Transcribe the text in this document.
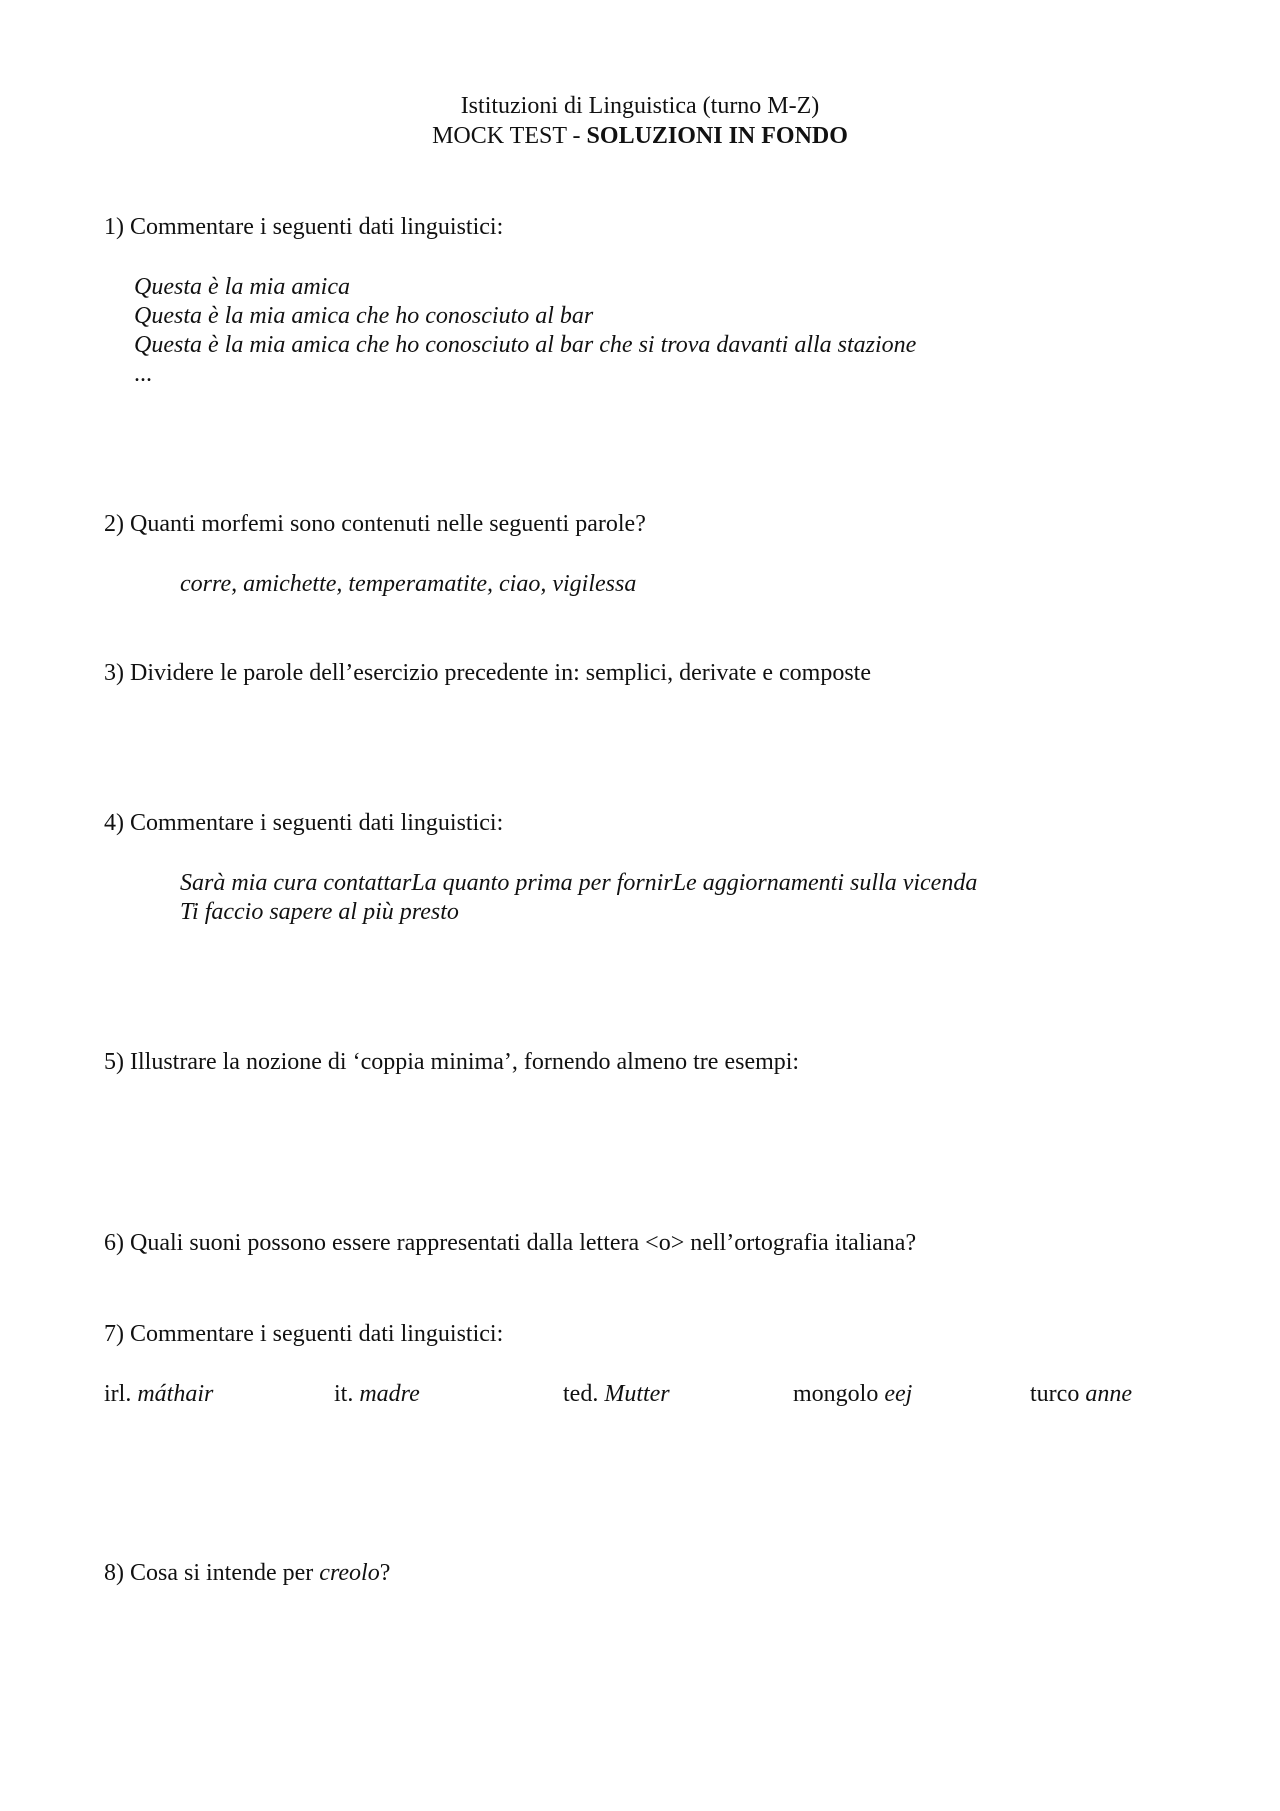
Istituzioni di Linguistica (turno M-Z)
MOCK TEST - SOLUZIONI IN FONDO
1) Commentare i seguenti dati linguistici:
Questa è la mia amica
Questa è la mia amica che ho conosciuto al bar
Questa è la mia amica che ho conosciuto al bar che si trova davanti alla stazione
...
2) Quanti morfemi sono contenuti nelle seguenti parole?
corre, amichette, temperamatite, ciao, vigilessa
3) Dividere le parole dell’esercizio precedente in: semplici, derivate e composte
4) Commentare i seguenti dati linguistici:
Sarà mia cura contattarLa quanto prima per fornirLe aggiornamenti sulla vicenda
Ti faccio sapere al più presto
5) Illustrare la nozione di ‘coppia minima’, fornendo almeno tre esempi:
6) Quali suoni possono essere rappresentati dalla lettera <o> nell’ortografia italiana?
7) Commentare i seguenti dati linguistici:
irl. máthair	it. madre	ted. Mutter	mongolo eej	turco anne
8) Cosa si intende per creolo?
